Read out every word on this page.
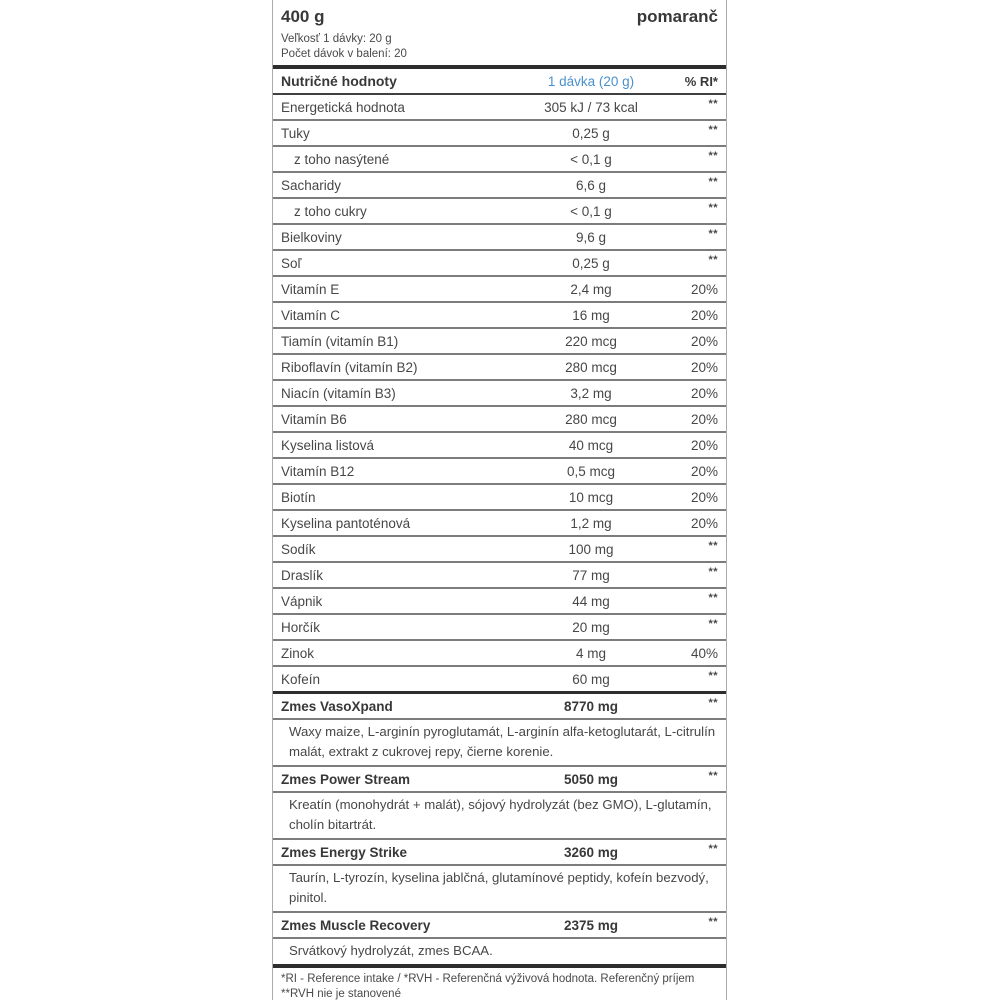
400 g	pomaranč
Veľkosť 1 dávky: 20 g
Počet dávok v balení: 20
Nutričné hodnoty	1 dávka (20 g)	% RI*
Energetická hodnota	305 kJ / 73 kcal	**
Tuky	0,25 g	**
z toho nasýtené	< 0,1 g	**
Sacharidy	6,6 g	**
z toho cukry	< 0,1 g	**
Bielkoviny	9,6 g	**
Soľ	0,25 g	**
Vitamín E	2,4 mg	20%
Vitamín C	16 mg	20%
Tiamín (vitamín B1)	220 mcg	20%
Riboflavín (vitamín B2)	280 mcg	20%
Niacín (vitamín B3)	3,2 mg	20%
Vitamín B6	280 mcg	20%
Kyselina listová	40 mcg	20%
Vitamín B12	0,5 mcg	20%
Biotín	10 mcg	20%
Kyselina pantoténová	1,2 mg	20%
Sodík	100 mg	**
Draslík	77 mg	**
Vápnik	44 mg	**
Horčík	20 mg	**
Zinok	4 mg	40%
Kofeín	60 mg	**
Zmes VasoXpand	8770 mg	**
Waxy maize, L-arginín pyroglutamát, L-arginín alfa-ketoglutarát, L-citrulín malát, extrakt z cukrovej repy, čierne korenie.
Zmes Power Stream	5050 mg	**
Kreatín (monohydrát + malát), sójový hydrolyzát (bez GMO), L-glutamín, cholín bitartrát.
Zmes Energy Strike	3260 mg	**
Taurín, L-tyrozín, kyselina jablčná, glutamínové peptidy, kofeín bezvodý, pinitol.
Zmes Muscle Recovery	2375 mg	**
Srvátkový hydrolyzát, zmes BCAA.
*RI - Reference intake / *RVH - Referenčná výživová hodnota. Referenčný príjem
**RVH nie je stanovené
